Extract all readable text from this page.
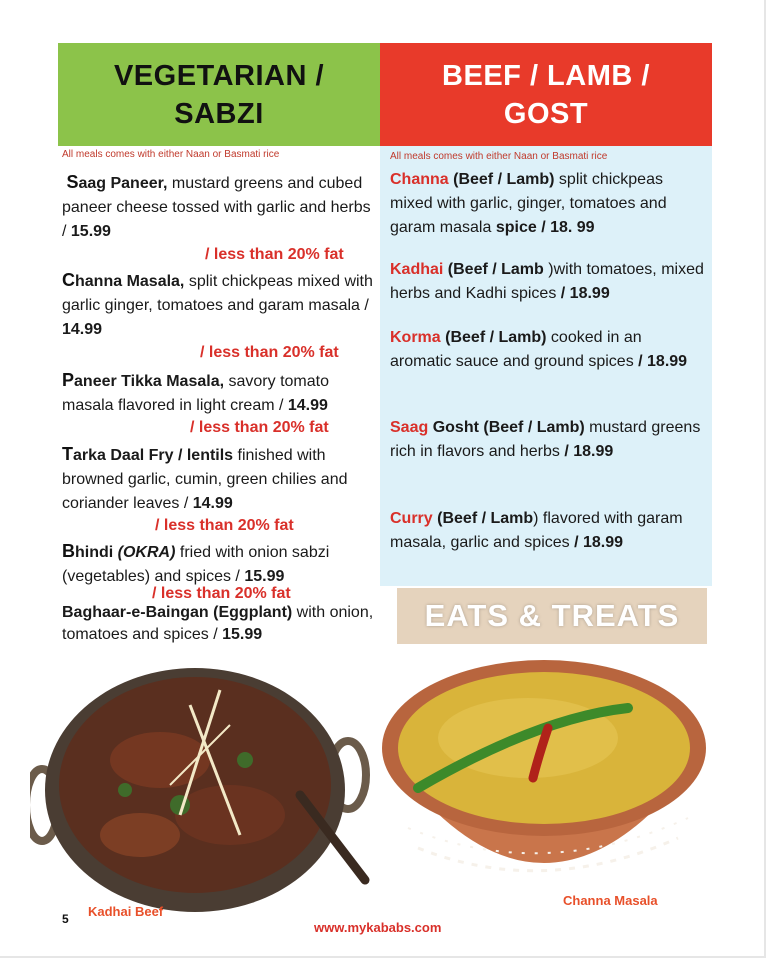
VEGETARIAN /
SABZI
BEEF / LAMB /
GOST
All meals comes with either Naan or Basmati rice	All meals comes with either Naan or Basmati rice
Saag Paneer, mustard greens and cubed paneer cheese tossed with garlic and herbs / 15.99
/ less than 20% fat
Channa Masala, split chickpeas mixed with garlic ginger, tomatoes and garam masala / 14.99
/ less than 20% fat
Paneer Tikka Masala, savory tomato masala flavored in light cream / 14.99
/ less than 20% fat
Tarka Daal Fry / lentils finished with browned garlic, cumin, green chilies and coriander leaves / 14.99
/ less than 20% fat
Bhindi (OKRA) fried with onion sabzi (vegetables) and spices / 15.99
/ less than 20% fat
Baghaar-e-Baingan (Eggplant) with onion, tomatoes and spices / 15.99
Channa (Beef / Lamb) split chickpeas mixed with garlic, ginger, tomatoes and garam masala spice / 18. 99
Kadhai (Beef / Lamb )with tomatoes, mixed herbs and Kadhi spices / 18.99
Korma (Beef / Lamb) cooked in an aromatic sauce and ground spices / 18.99
Saag Gosht (Beef / Lamb) mustard greens rich in flavors and herbs / 18.99
Curry (Beef / Lamb) flavored with garam masala, garlic and spices / 18.99
EATS & TREATS
Kadhai Beef
Channa Masala
5
www.mykababs.com
